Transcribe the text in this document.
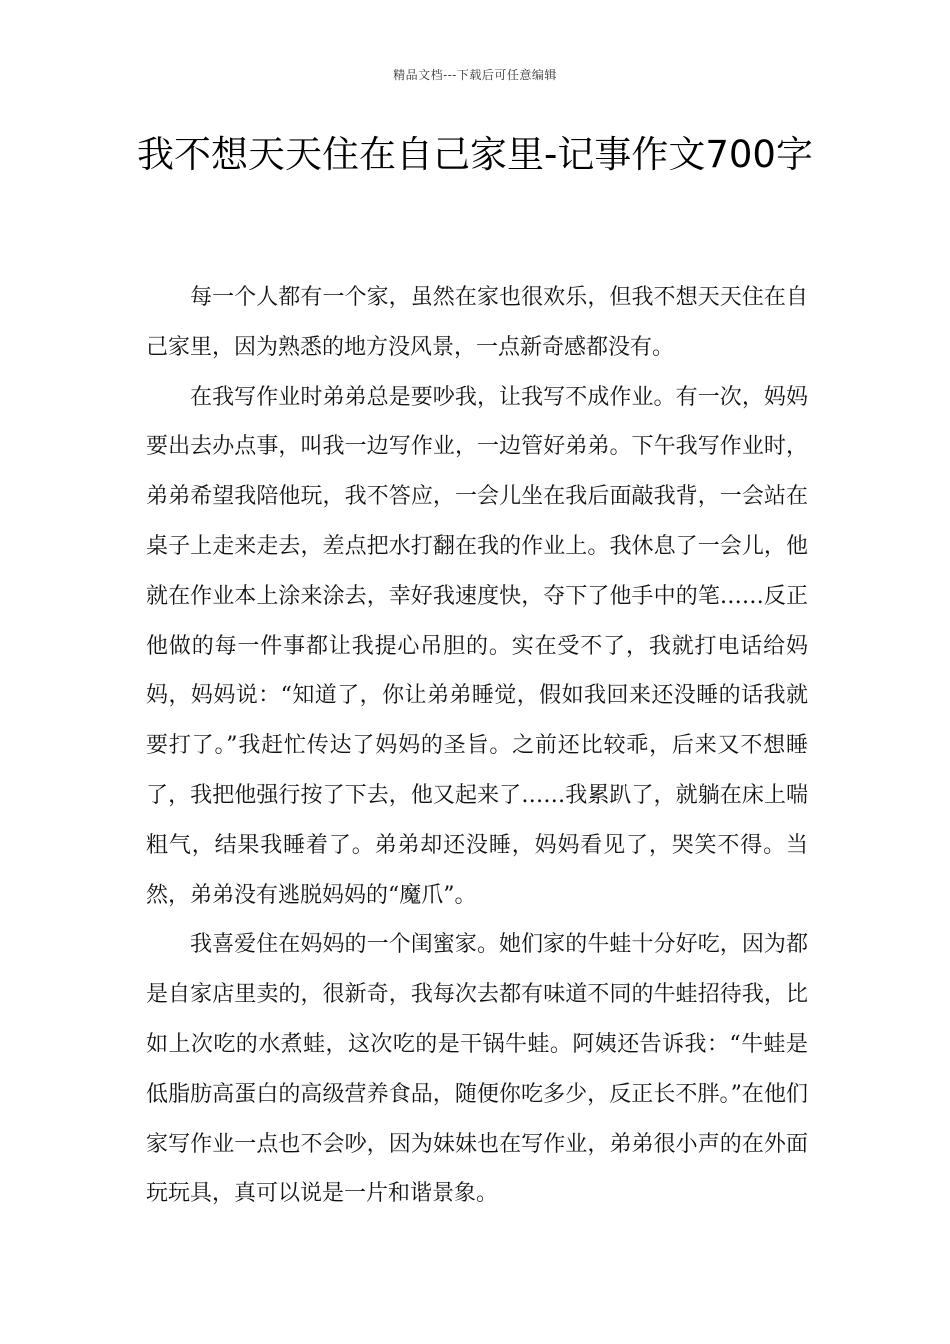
精品文档---下载后可任意编辑
我不想天天住在自己家里-记事作文700字

每一个人都有一个家，虽然在家也很欢乐，但我不想天天住在自己家里，因为熟悉的地方没风景，一点新奇感都没有。

在我写作业时弟弟总是要吵我，让我写不成作业。有一次，妈妈要出去办点事，叫我一边写作业，一边管好弟弟。下午我写作业时，弟弟希望我陪他玩，我不答应，一会儿坐在我后面敲我背，一会站在桌子上走来走去，差点把水打翻在我的作业上。我休息了一会儿，他就在作业本上涂来涂去，幸好我速度快，夺下了他手中的笔……反正他做的每一件事都让我提心吊胆的。实在受不了，我就打电话给妈妈，妈妈说：“知道了，你让弟弟睡觉，假如我回来还没睡的话我就要打了。”我赶忙传达了妈妈的圣旨。之前还比较乖，后来又不想睡了，我把他强行按了下去，他又起来了……我累趴了，就躺在床上喘粗气，结果我睡着了。弟弟却还没睡，妈妈看见了，哭笑不得。当然，弟弟没有逃脱妈妈的“魔爪”。

我喜爱住在妈妈的一个闺蜜家。她们家的牛蛙十分好吃，因为都是自家店里卖的，很新奇，我每次去都有味道不同的牛蛙招待我，比如上次吃的水煮蛙，这次吃的是干锅牛蛙。阿姨还告诉我：“牛蛙是低脂肪高蛋白的高级营养食品，随便你吃多少，反正长不胖。”在他们家写作业一点也不会吵，因为妹妹也在写作业，弟弟很小声的在外面玩玩具，真可以说是一片和谐景象。
